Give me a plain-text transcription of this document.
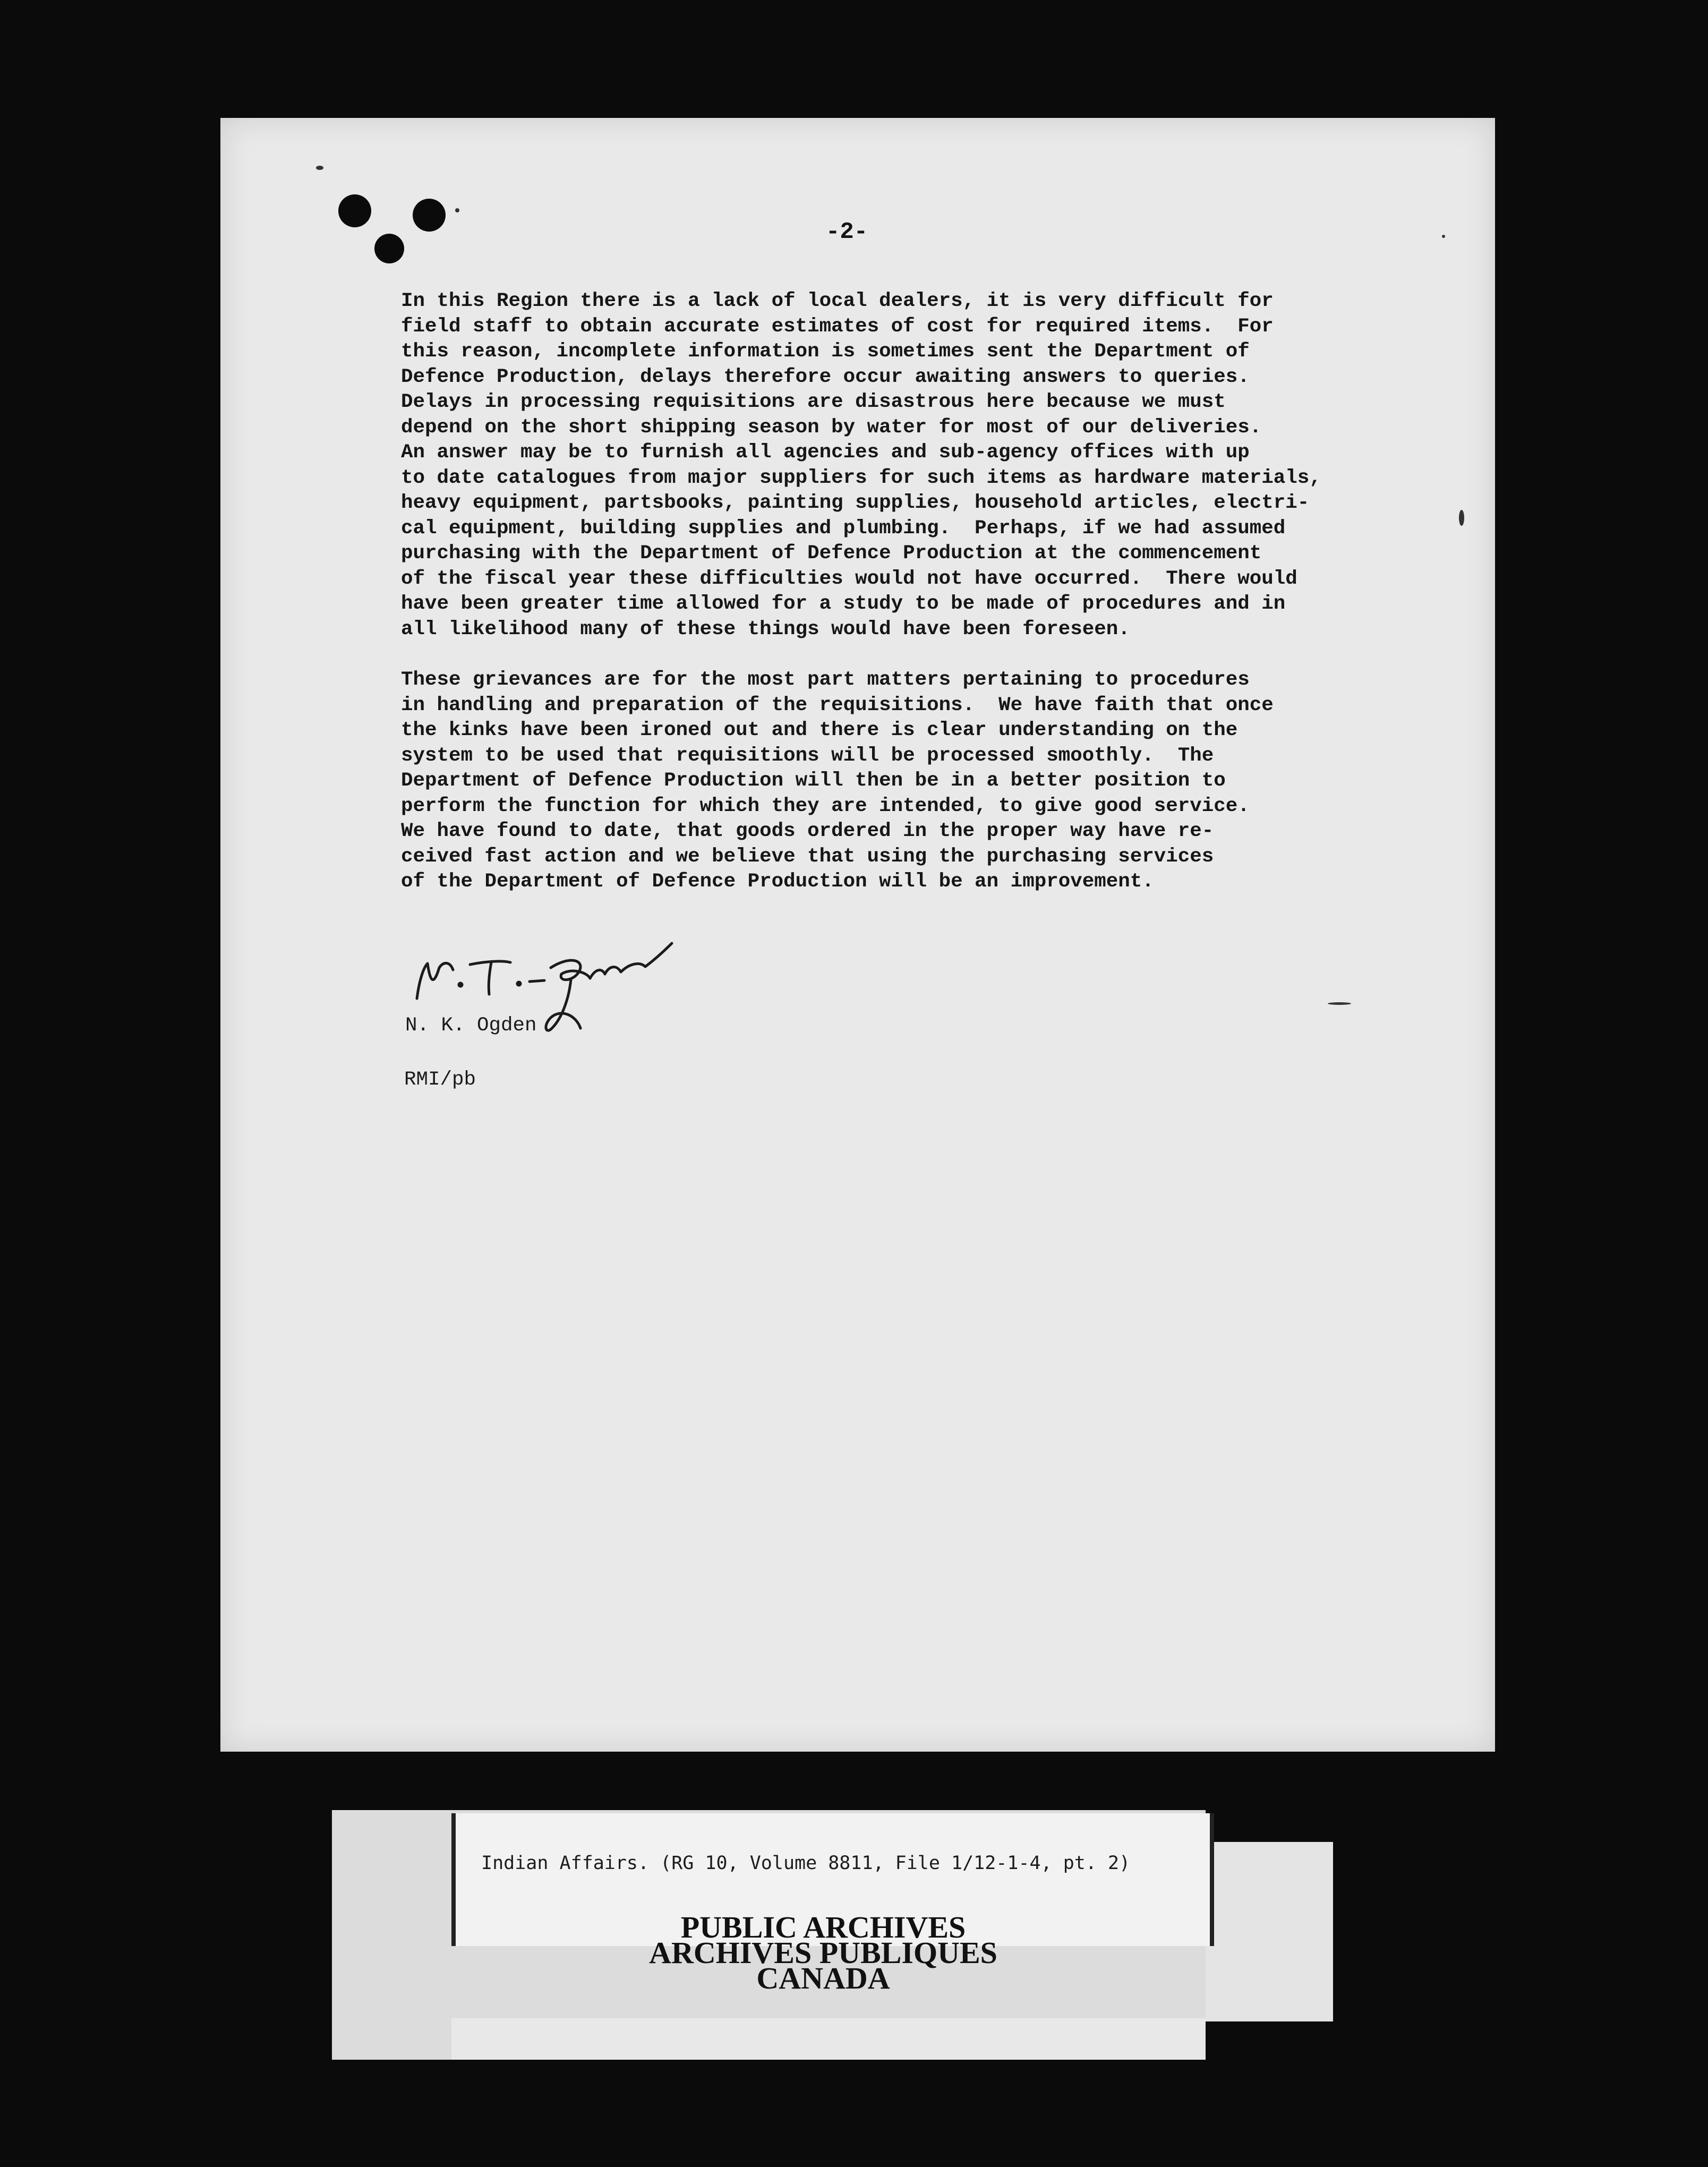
-2-

In this Region there is a lack of local dealers, it is very difficult for
field staff to obtain accurate estimates of cost for required items.  For
this reason, incomplete information is sometimes sent the Department of
Defence Production, delays therefore occur awaiting answers to queries.
Delays in processing requisitions are disastrous here because we must
depend on the short shipping season by water for most of our deliveries.
An answer may be to furnish all agencies and sub-agency offices with up
to date catalogues from major suppliers for such items as hardware materials,
heavy equipment, partsbooks, painting supplies, household articles, electri-
cal equipment, building supplies and plumbing.  Perhaps, if we had assumed
purchasing with the Department of Defence Production at the commencement
of the fiscal year these difficulties would not have occurred.  There would
have been greater time allowed for a study to be made of procedures and in
all likelihood many of these things would have been foreseen.

These grievances are for the most part matters pertaining to procedures
in handling and preparation of the requisitions.  We have faith that once
the kinks have been ironed out and there is clear understanding on the
system to be used that requisitions will be processed smoothly.  The
Department of Defence Production will then be in a better position to
perform the function for which they are intended, to give good service.
We have found to date, that goods ordered in the proper way have re-
ceived fast action and we believe that using the purchasing services
of the Department of Defence Production will be an improvement.

N. K. Ogden
RMI/pb
Indian Affairs. (RG 10, Volume 8811, File 1/12-1-4, pt. 2)
PUBLIC ARCHIVES
ARCHIVES PUBLIQUES
CANADA
